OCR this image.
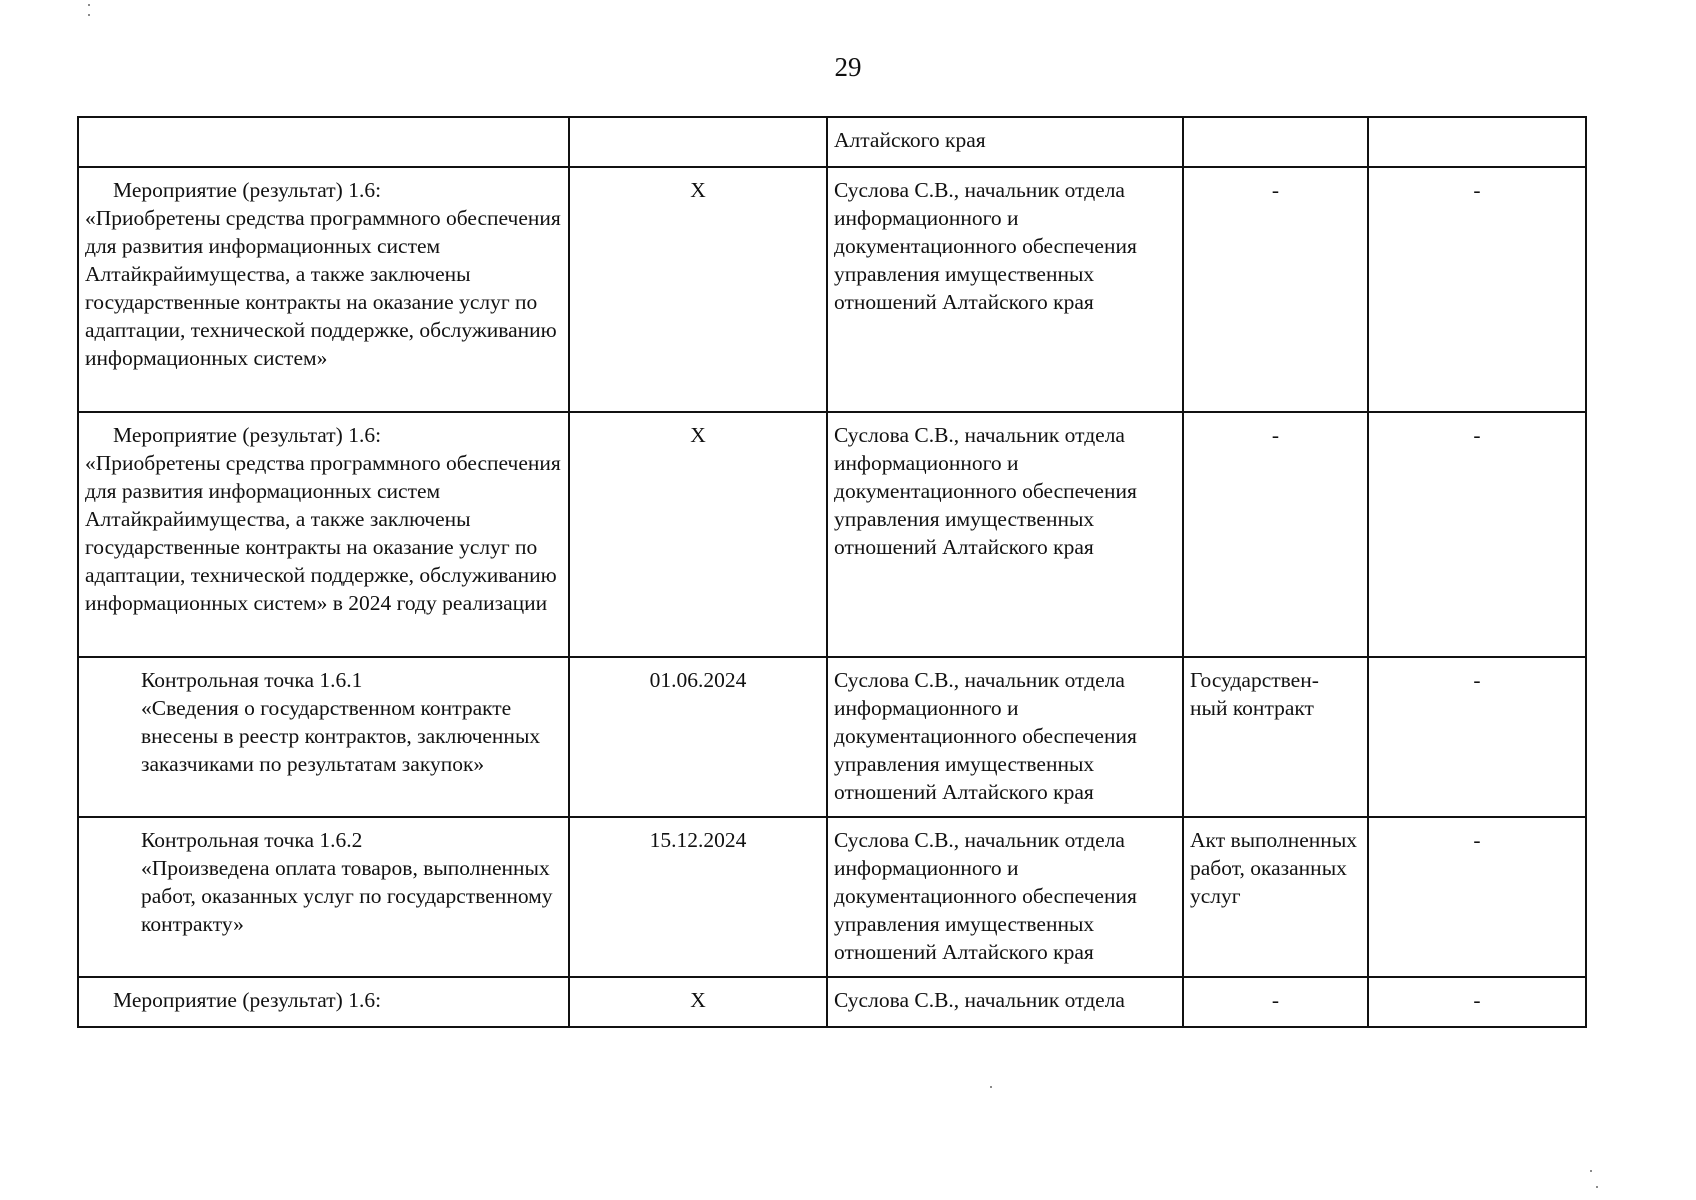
29
		Алтайского края		

Мероприятие (результат) 1.6:
«Приобретены средства программного обеспечения для развития информационных систем Алтайкрайимущества, а также заключены государственные контракты на оказание услуг по адаптации, технической поддержке, обслуживанию информационных систем»	X	Суслова С.В., начальник отдела информационного и документационного обеспечения управления имущественных отношений Алтайского края	-	-

Мероприятие (результат) 1.6:
«Приобретены средства программного обеспечения для развития информационных систем Алтайкрайимущества, а также заключены государственные контракты на оказание услуг по адаптации, технической поддержке, обслуживанию информационных систем» в 2024 году реализации	X	Суслова С.В., начальник отдела информационного и документационного обеспечения управления имущественных отношений Алтайского края	-	-

Контрольная точка 1.6.1
«Сведения о государственном контракте внесены в реестр контрактов, заключенных заказчиками по результатам закупок»	01.06.2024	Суслова С.В., начальник отдела информационного и документационного обеспечения управления имущественных отношений Алтайского края	Государствен-
ный контракт	-

Контрольная точка 1.6.2
«Произведена оплата товаров, выполненных работ, оказанных услуг по государственному контракту»	15.12.2024	Суслова С.В., начальник отдела информационного и документационного обеспечения управления имущественных отношений Алтайского края	Акт выполненных работ, оказанных услуг	-

Мероприятие (результат) 1.6:	X	Суслова С.В., начальник отдела	-	-
